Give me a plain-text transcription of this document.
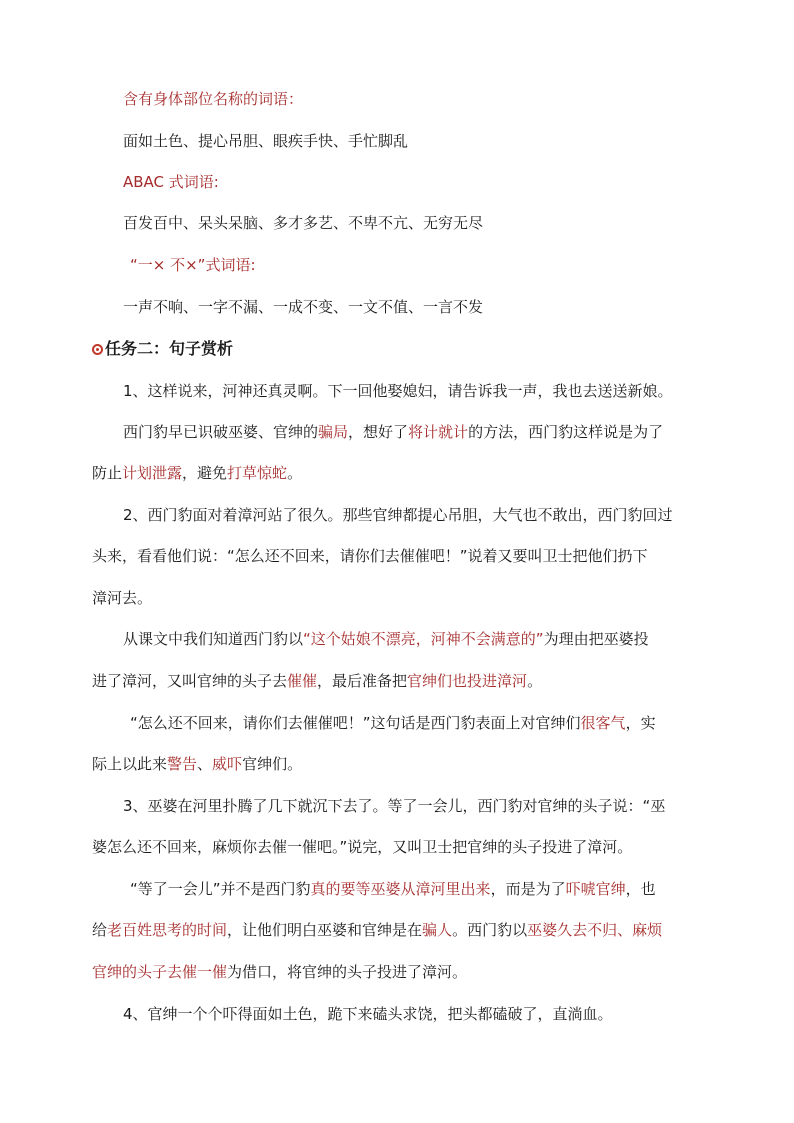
含有身体部位名称的词语：
面如土色、提心吊胆、眼疾手快、手忙脚乱
ABAC 式词语:
百发百中、呆头呆脑、多才多艺、不卑不亢、无穷无尽
“一× 不×”式词语:
一声不响、一字不漏、一成不变、一文不值、一言不发
任务二：句子赏析
1、这样说来，河神还真灵啊。下一回他娶媳妇，请告诉我一声，我也去送送新娘。
西门豹早已识破巫婆、官绅的骗局，想好了将计就计的方法，西门豹这样说是为了
防止计划泄露，避免打草惊蛇。
2、西门豹面对着漳河站了很久。那些官绅都提心吊胆，大气也不敢出，西门豹回过
头来，看看他们说：“怎么还不回来，请你们去催催吧！”说着又要叫卫士把他们扔下
漳河去。
从课文中我们知道西门豹以“这个姑娘不漂亮，河神不会满意的”为理由把巫婆投
进了漳河，又叫官绅的头子去催催，最后准备把官绅们也投进漳河。
“怎么还不回来，请你们去催催吧！”这句话是西门豹表面上对官绅们很客气，实
际上以此来警告、威吓官绅们。
3、巫婆在河里扑腾了几下就沉下去了。等了一会儿，西门豹对官绅的头子说：“巫
婆怎么还不回来，麻烦你去催一催吧。”说完，又叫卫士把官绅的头子投进了漳河。
“等了一会儿”并不是西门豹真的要等巫婆从漳河里出来，而是为了吓唬官绅，也
给老百姓思考的时间，让他们明白巫婆和官绅是在骗人。西门豹以巫婆久去不归、麻烦
官绅的头子去催一催为借口，将官绅的头子投进了漳河。
4、官绅一个个吓得面如土色，跪下来磕头求饶，把头都磕破了，直淌血。
